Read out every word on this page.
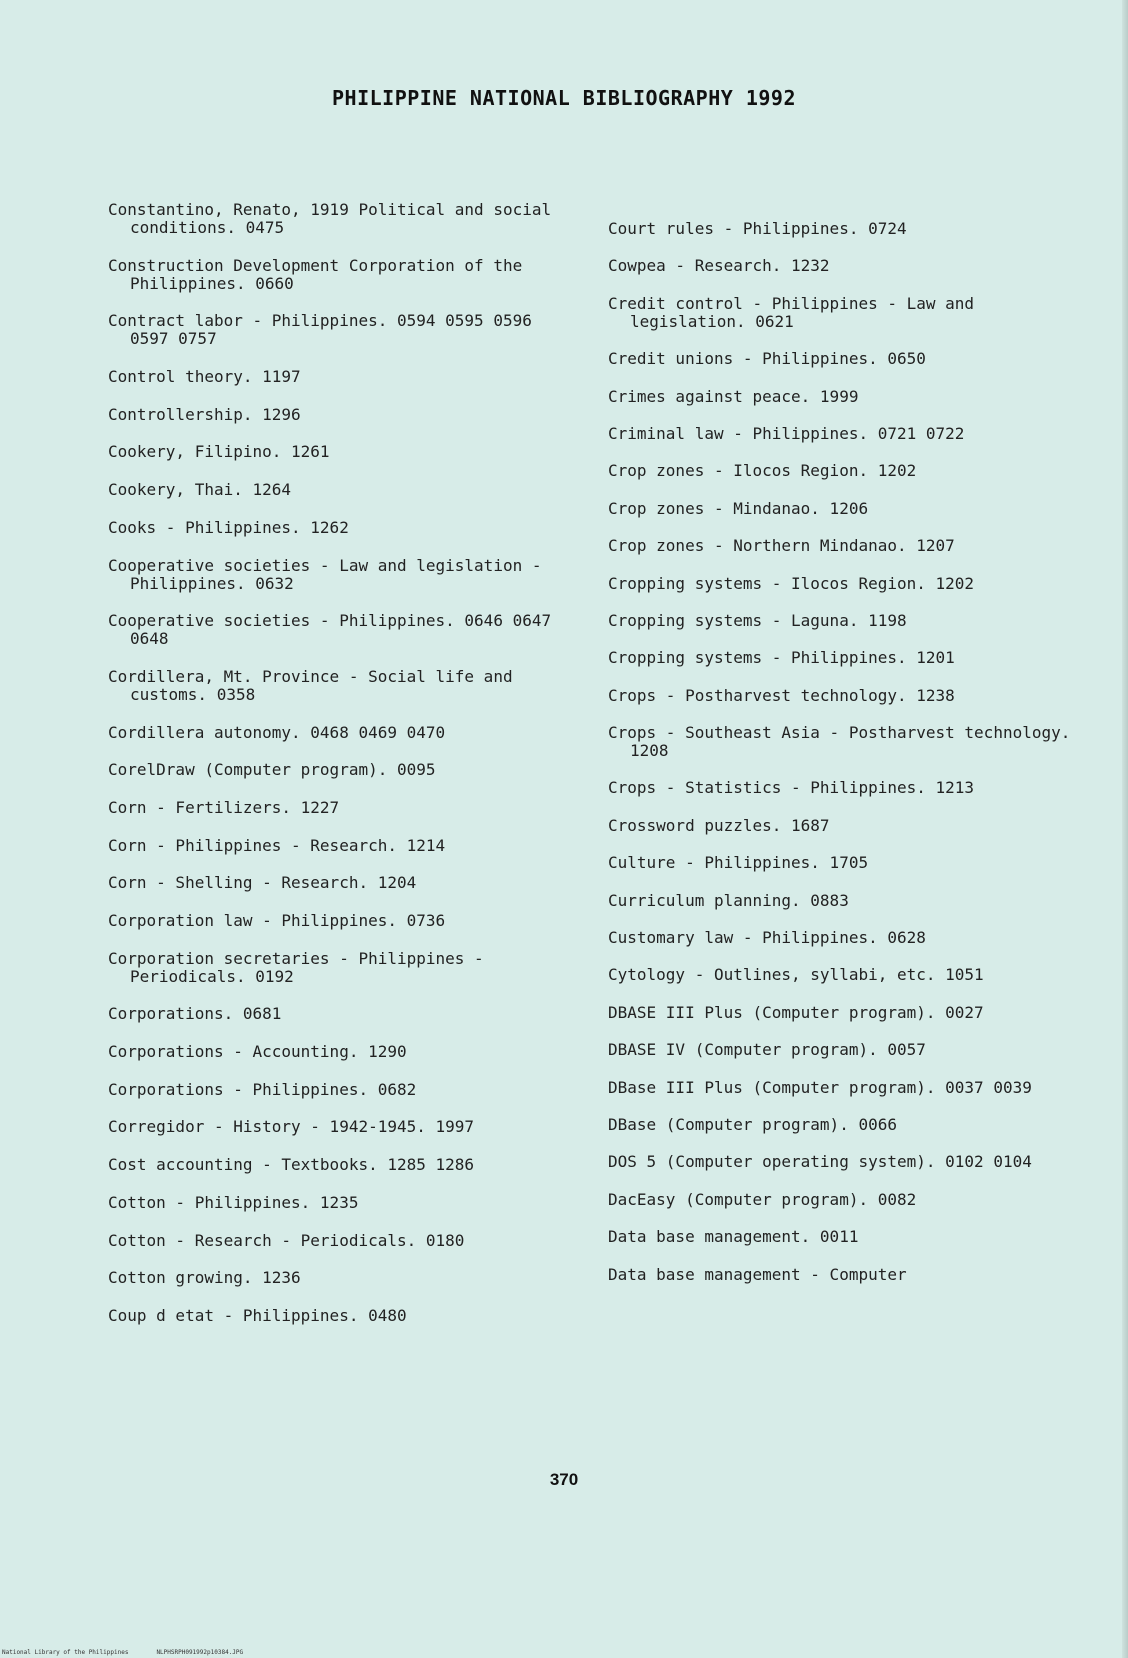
PHILIPPINE NATIONAL BIBLIOGRAPHY 1992
Constantino, Renato, 1919 Political and social conditions. 0475
Construction Development Corporation of the Philippines. 0660
Contract labor - Philippines. 0594 0595 0596 0597 0757
Control theory. 1197
Controllership. 1296
Cookery, Filipino. 1261
Cookery, Thai. 1264
Cooks - Philippines. 1262
Cooperative societies - Law and legislation - Philippines. 0632
Cooperative societies - Philippines. 0646 0647 0648
Cordillera, Mt. Province - Social life and customs. 0358
Cordillera autonomy. 0468 0469 0470
CorelDraw (Computer program). 0095
Corn - Fertilizers. 1227
Corn - Philippines - Research. 1214
Corn - Shelling - Research. 1204
Corporation law - Philippines. 0736
Corporation secretaries - Philippines - Periodicals. 0192
Corporations. 0681
Corporations - Accounting. 1290
Corporations - Philippines. 0682
Corregidor - History - 1942-1945. 1997
Cost accounting - Textbooks. 1285 1286
Cotton - Philippines. 1235
Cotton - Research - Periodicals. 0180
Cotton growing. 1236
Coup d etat - Philippines. 0480
Court rules - Philippines. 0724
Cowpea - Research. 1232
Credit control - Philippines - Law and legislation. 0621
Credit unions - Philippines. 0650
Crimes against peace. 1999
Criminal law - Philippines. 0721 0722
Crop zones - Ilocos Region. 1202
Crop zones - Mindanao. 1206
Crop zones - Northern Mindanao. 1207
Cropping systems - Ilocos Region. 1202
Cropping systems - Laguna. 1198
Cropping systems - Philippines. 1201
Crops - Postharvest technology. 1238
Crops - Southeast Asia - Postharvest technology. 1208
Crops - Statistics - Philippines. 1213
Crossword puzzles. 1687
Culture - Philippines. 1705
Curriculum planning. 0883
Customary law - Philippines. 0628
Cytology - Outlines, syllabi, etc. 1051
DBASE III Plus (Computer program). 0027
DBASE IV (Computer program). 0057
DBase III Plus (Computer program). 0037 0039
DBase (Computer program). 0066
DOS 5 (Computer operating system). 0102 0104
DacEasy (Computer program). 0082
Data base management. 0011
Data base management - Computer
370
National Library of the Philippines	NLPHSRPH091992p10384.JPG
